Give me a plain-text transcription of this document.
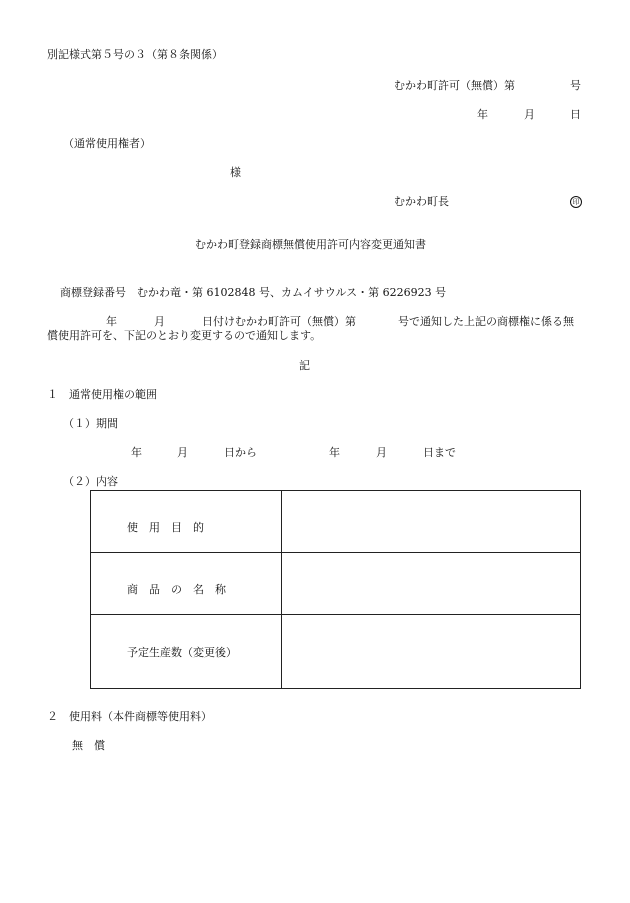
別記様式第５号の３（第８条関係）
むかわ町許可（無償）第	号
年	月	日
（通常使用権者）
様
むかわ町長	印
むかわ町登録商標無償使用許可内容変更通知書
商標登録番号　むかわ竜・第 6102848 号、カムイサウルス・第 6226923 号
年	月	日付けむかわ町許可（無償）第	号で通知した上記の商標権に係る無
償使用許可を、下記のとおり変更するので通知します。
記
１　通常使用権の範囲
（１）期間
年	月	日から	年	月	日まで
（２）内容
使　用　目　的
商　品　の　名　称
予定生産数（変更後）
２　使用料（本件商標等使用料）
無　償
